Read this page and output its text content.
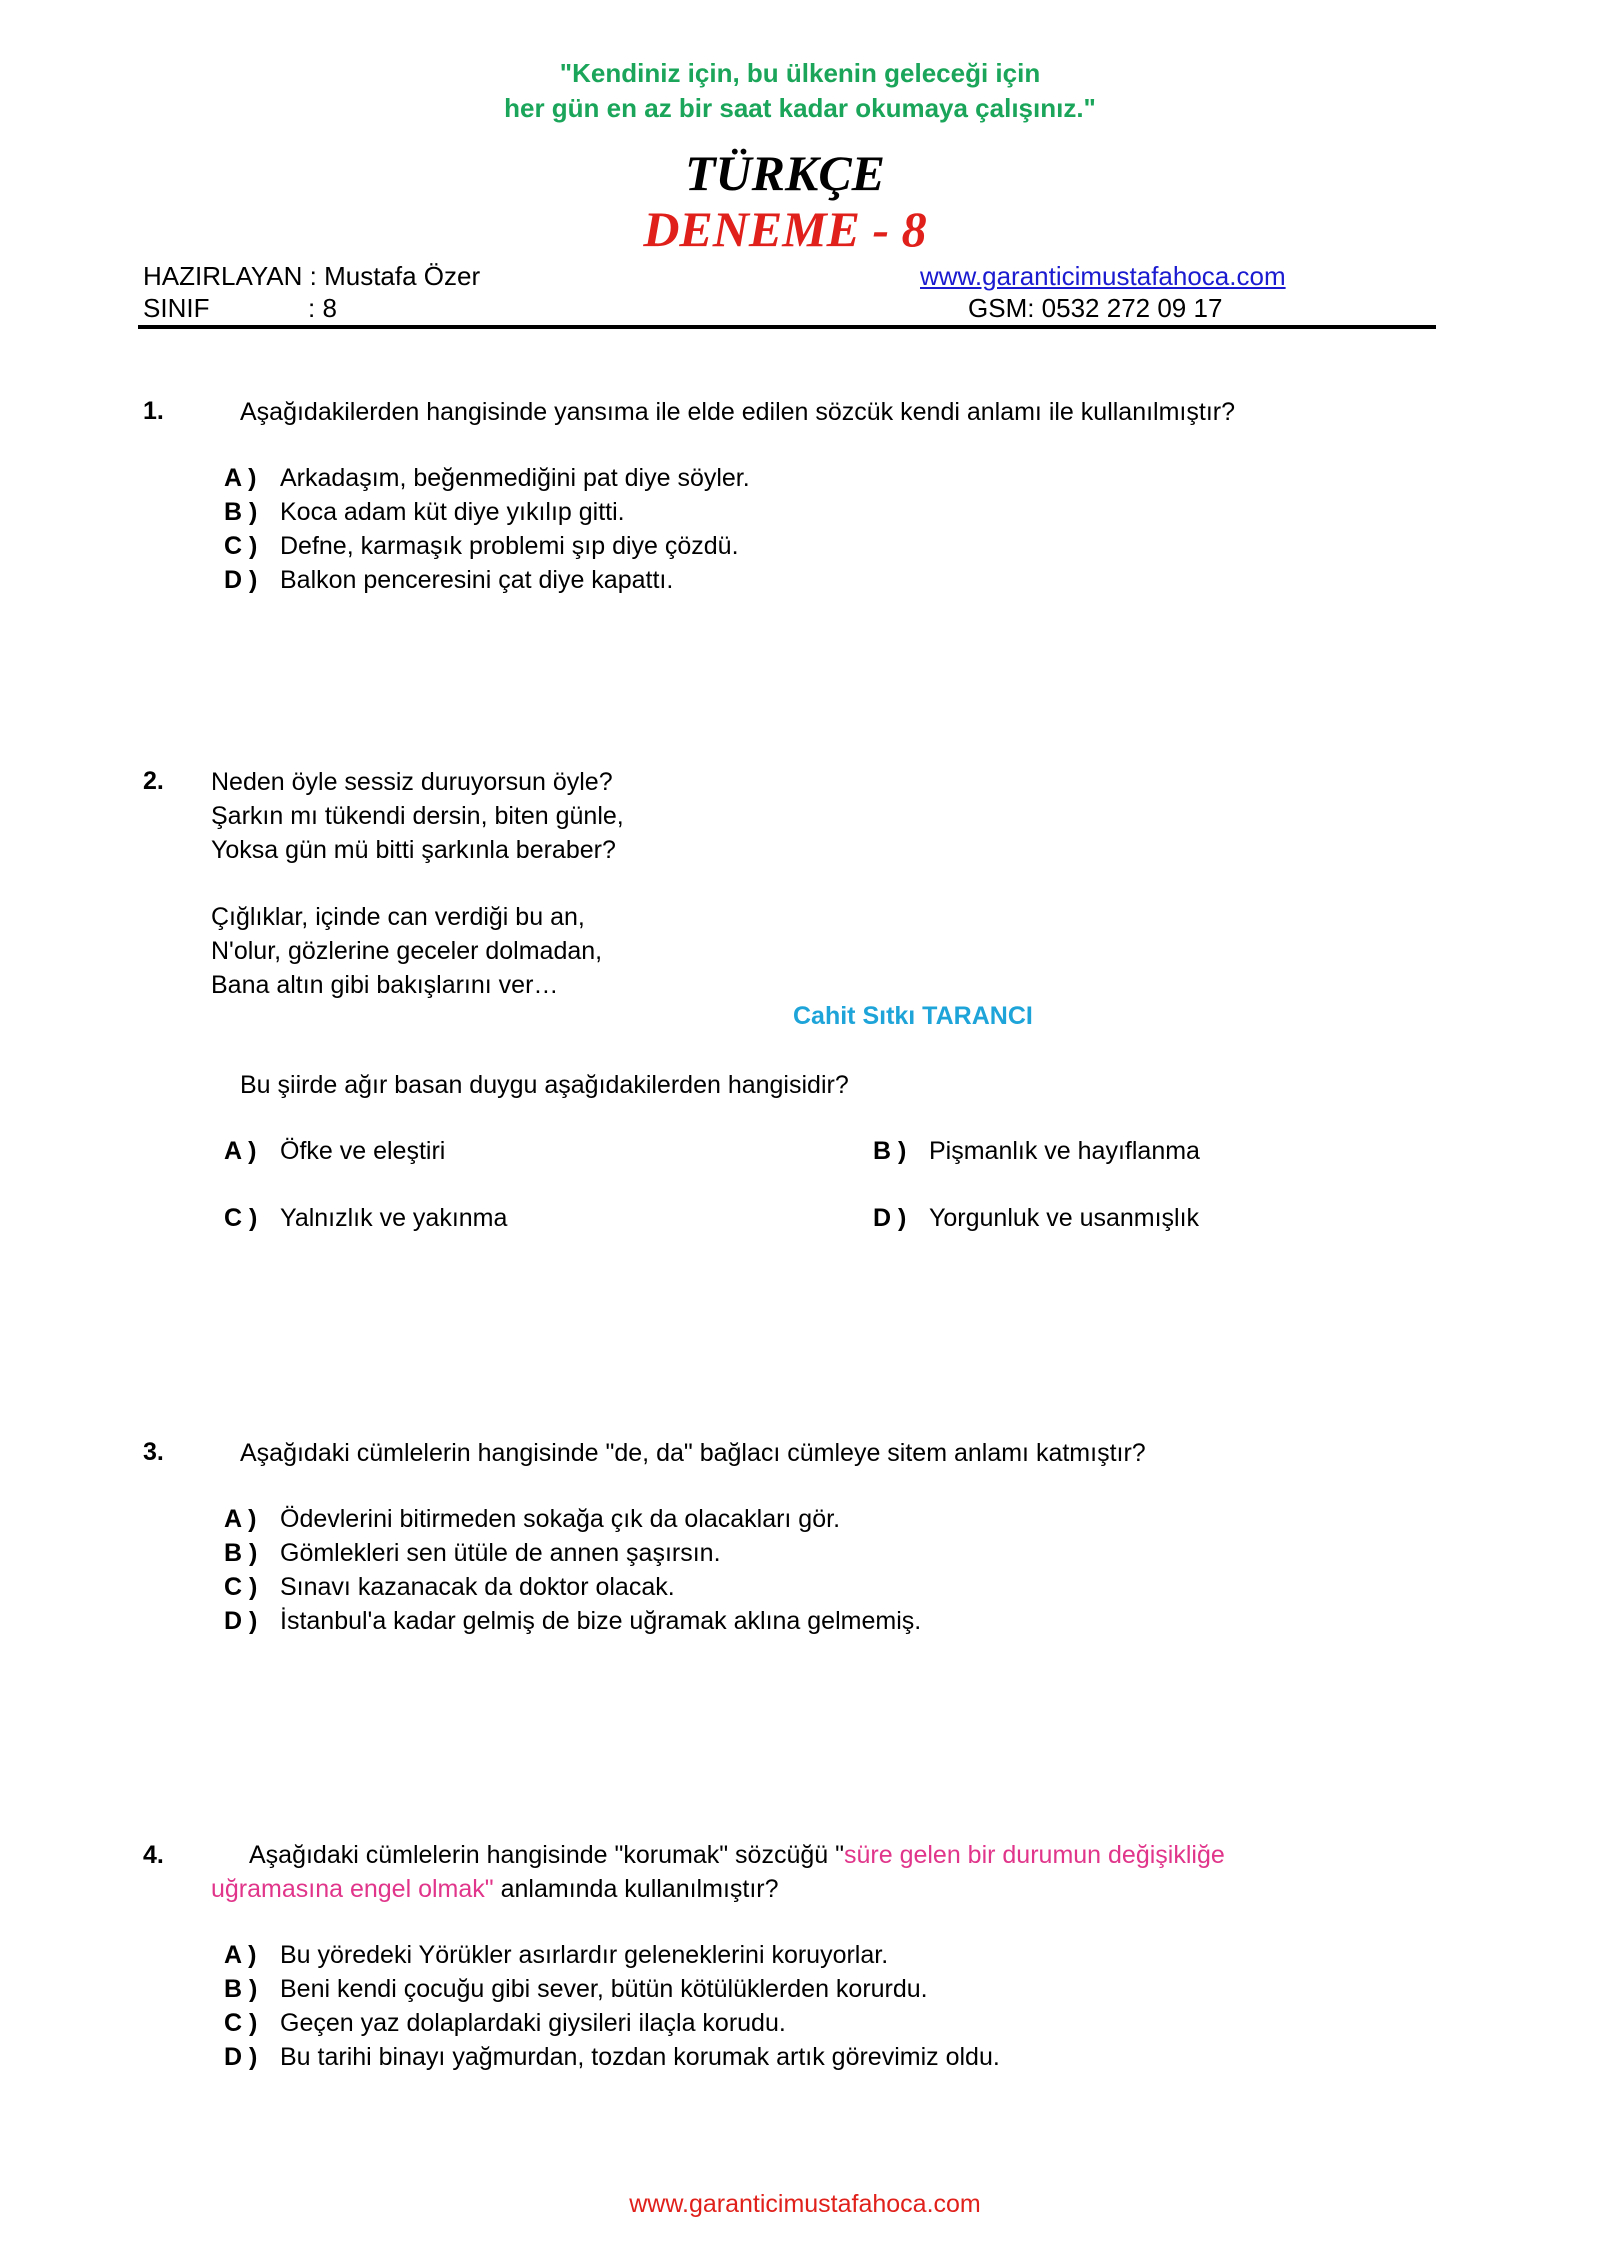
"Kendiniz için, bu ülkenin geleceği için
her gün en az bir saat kadar okumaya çalışınız."
TÜRKÇE
DENEME - 8
HAZIRLAYAN : Mustafa Özer
SINIF	: 8
www.garanticimustafahoca.com
GSM: 0532 272 09 17
1.	Aşağıdakilerden hangisinde yansıma ile elde edilen sözcük kendi anlamı ile kullanılmıştır?
A ) Arkadaşım, beğenmediğini pat diye söyler.
B ) Koca adam küt diye yıkılıp gitti.
C ) Defne, karmaşık problemi şıp diye çözdü.
D ) Balkon penceresini çat diye kapattı.
2. Neden öyle sessiz duruyorsun öyle?
Şarkın mı tükendi dersin, biten günle,
Yoksa gün mü bitti şarkınla beraber?
Çığlıklar, içinde can verdiği bu an,
N'olur, gözlerine geceler dolmadan,
Bana altın gibi bakışlarını ver…
Cahit Sıtkı TARANCI
Bu şiirde ağır basan duygu aşağıdakilerden hangisidir?
A ) Öfke ve eleştiri	B ) Pişmanlık ve hayıflanma
C ) Yalnızlık ve yakınma	D ) Yorgunluk ve usanmışlık
3.	Aşağıdaki cümlelerin hangisinde "de, da" bağlacı cümleye sitem anlamı katmıştır?
A ) Ödevlerini bitirmeden sokağa çık da olacakları gör.
B ) Gömlekleri sen ütüle de annen şaşırsın.
C ) Sınavı kazanacak da doktor olacak.
D ) İstanbul'a kadar gelmiş de bize uğramak aklına gelmemiş.
4.	Aşağıdaki cümlelerin hangisinde "korumak" sözcüğü "süre gelen bir durumun değişikliğe
uğramasına engel olmak" anlamında kullanılmıştır?
A ) Bu yöredeki Yörükler asırlardır geleneklerini koruyorlar.
B ) Beni kendi çocuğu gibi sever, bütün kötülüklerden korurdu.
C ) Geçen yaz dolaplardaki giysileri ilaçla korudu.
D ) Bu tarihi binayı yağmurdan, tozdan korumak artık görevimiz oldu.
www.garanticimustafahoca.com
